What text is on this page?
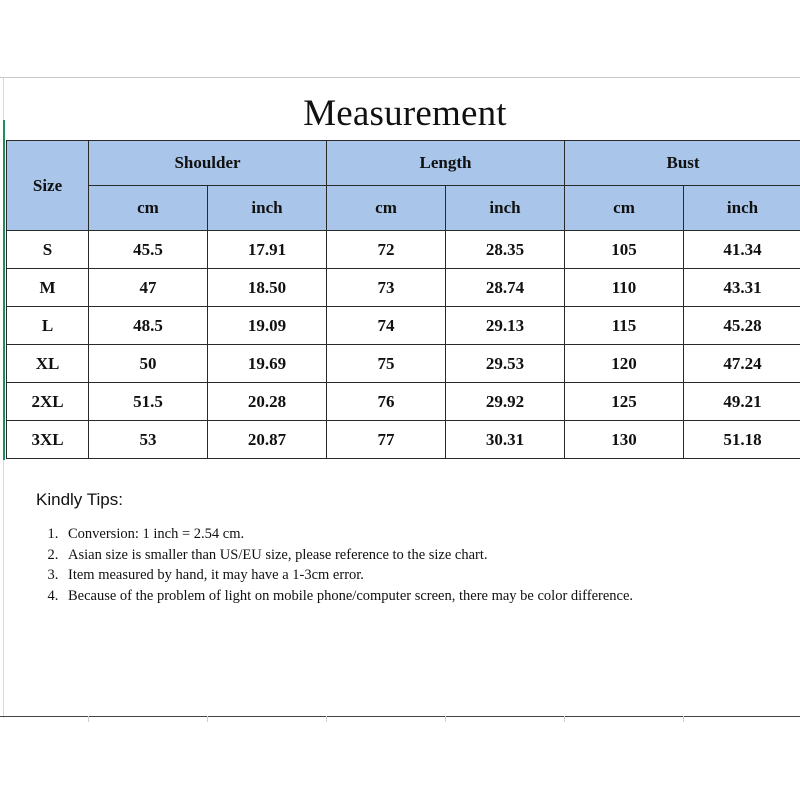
Measurement
Size	Shoulder		Length		Bust	
	cm	inch	cm	inch	cm	inch
S	45.5	17.91	72	28.35	105	41.34
M	47	18.50	73	28.74	110	43.31
L	48.5	19.09	74	29.13	115	45.28
XL	50	19.69	75	29.53	120	47.24
2XL	51.5	20.28	76	29.92	125	49.21
3XL	53	20.87	77	30.31	130	51.18
Kindly Tips:
1. Conversion: 1 inch = 2.54 cm.
2. Asian size is smaller than US/EU size, please reference to the size chart.
3. Item measured by hand, it may have a 1-3cm error.
4. Because of the problem of light on mobile phone/computer screen, there may be color difference.
